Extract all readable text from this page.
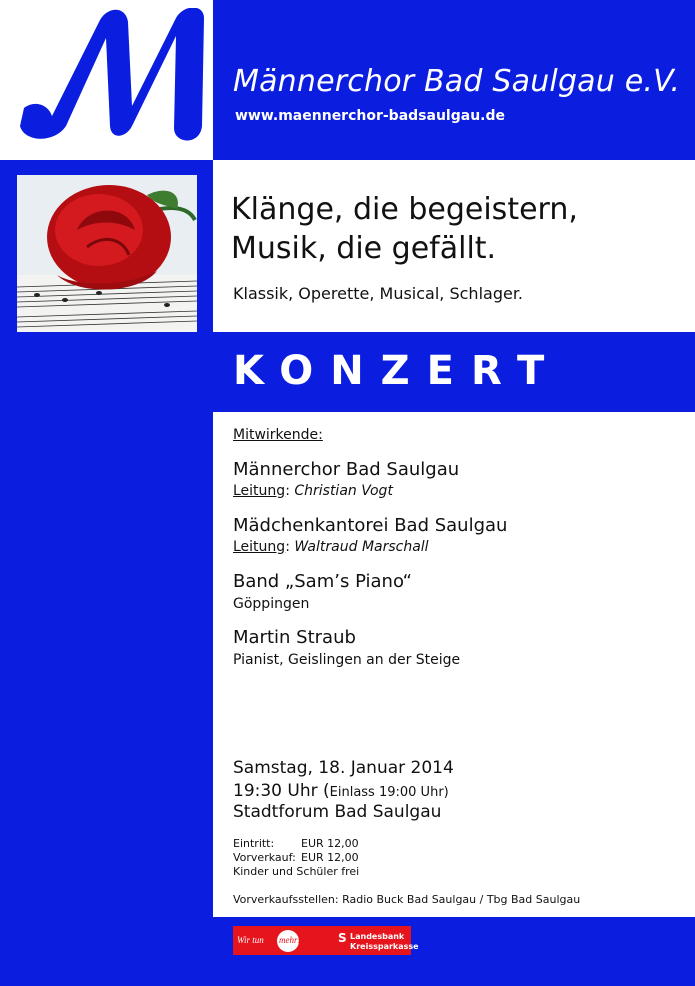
M
Männerchor Bad Saulgau e.V.
www.maennerchor-badsaulgau.de
Klänge, die begeistern,
Musik, die gefällt.
Klassik, Operette, Musical, Schlager.
KONZERT
Mitwirkende:
Männerchor Bad Saulgau
Leitung: Christian Vogt
Mädchenkantorei Bad Saulgau
Leitung: Waltraud Marschall
Band „Sam’s Piano“
Göppingen
Martin Straub
Pianist, Geislingen an der Steige
Samstag, 18. Januar 2014
19:30 Uhr (Einlass 19:00 Uhr)
Stadtforum Bad Saulgau
Eintritt: EUR 12,00
Vorverkauf: EUR 12,00
Kinder und Schüler frei
Vorverkaufsstellen: Radio Buck Bad Saulgau / Tbg Bad Saulgau
Wir tun mehr!	S Landesbank
Kreissparkasse
